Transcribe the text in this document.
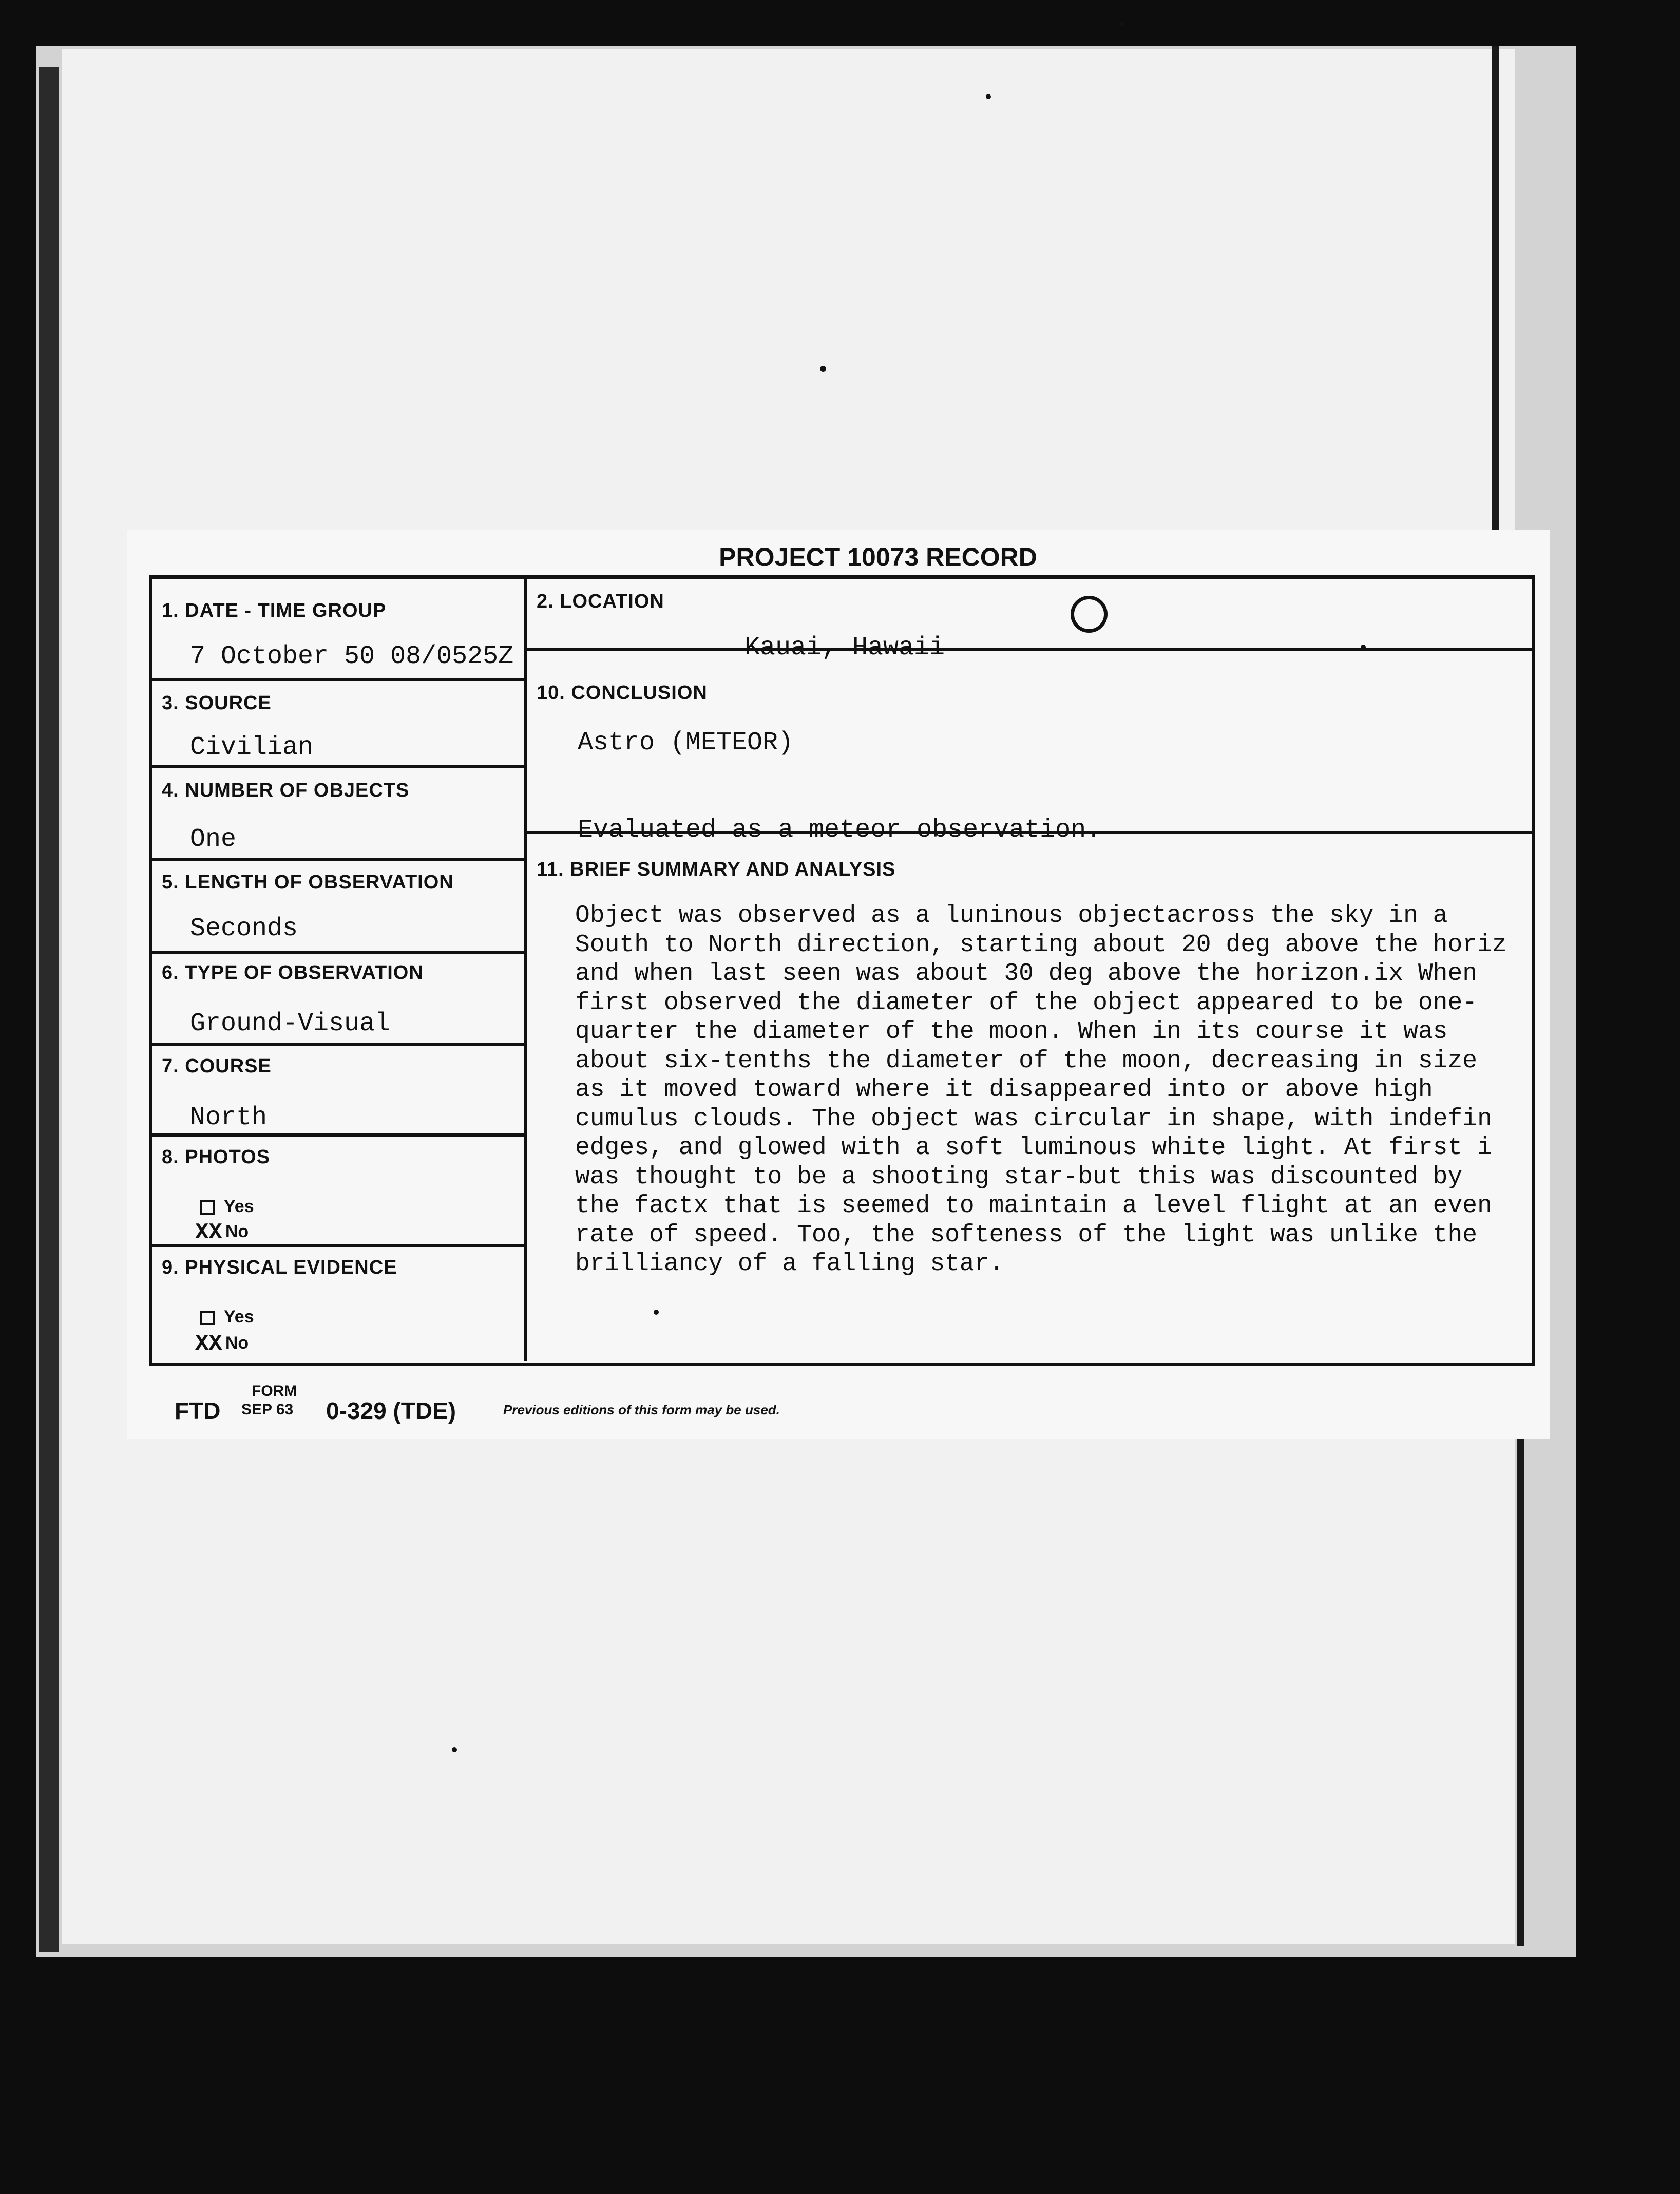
PROJECT 10073 RECORD
1. DATE - TIME GROUP
7 October 50 08/0525Z
2. LOCATION
Kauai, Hawaii
3. SOURCE
Civilian
4. NUMBER OF OBJECTS
One
5. LENGTH OF OBSERVATION
Seconds
6. TYPE OF OBSERVATION
Ground-Visual
7. COURSE
North
8. PHOTOS
Yes
XX No
9. PHYSICAL EVIDENCE
Yes
XX No
10. CONCLUSION
Astro (METEOR)
Evaluated as a meteor observation.
11. BRIEF SUMMARY AND ANALYSIS
Object was observed as a luninous objectacross the sky in a
South to North direction, starting about 20 deg above the horiz
and when last seen was about 30 deg above the horizon.ix When
first observed the diameter of the object appeared to be one-
quarter the diameter of the moon. When in its course it was
about six-tenths the diameter of the moon, decreasing in size
as it moved toward where it disappeared into or above high
cumulus clouds. The object was circular in shape, with indefin
edges, and glowed with a soft luminous white light. At first i
was thought to be a shooting star-but this was discounted by
the factx that is seemed to maintain a level flight at an even
rate of speed. Too, the softeness of the light was unlike the
brilliancy of a falling star.
FORM
FTD SEP 63 0-329 (TDE)	Previous editions of this form may be used.
